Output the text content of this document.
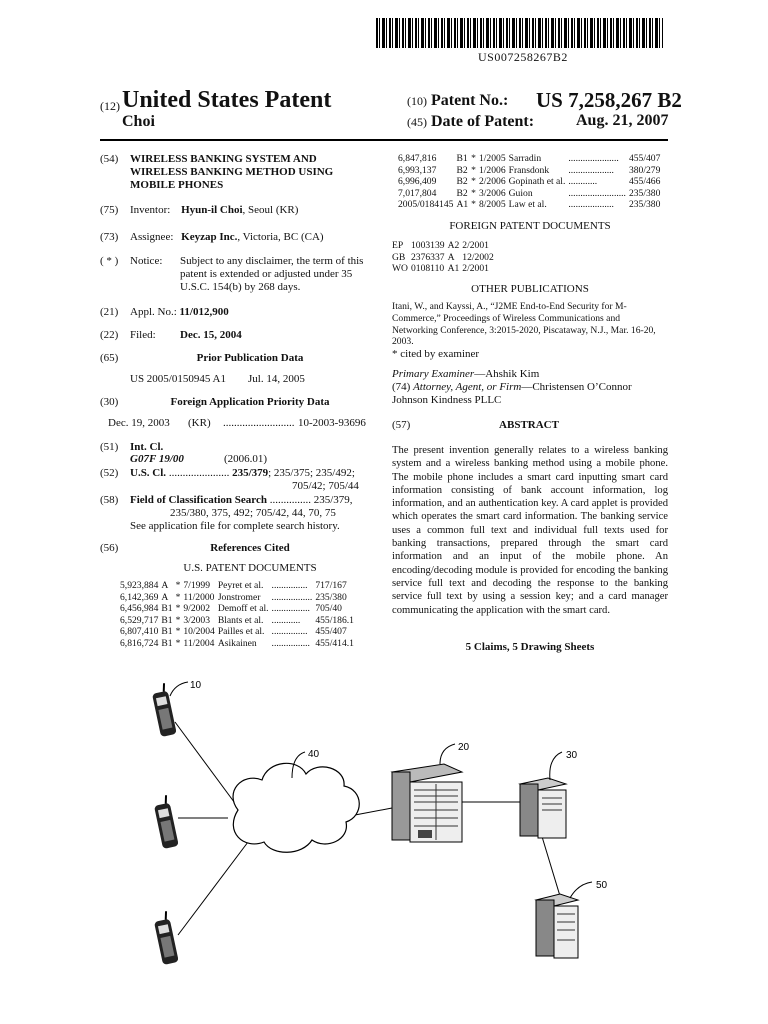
US007258267B2
(12) United States Patent
Choi
(10) Patent No.: US 7,258,267 B2
(45) Date of Patent:	Aug. 21, 2007
(54) WIRELESS BANKING SYSTEM AND WIRELESS BANKING METHOD USING MOBILE PHONES
(75) Inventor: Hyun-il Choi, Seoul (KR)
(73) Assignee: Keyzap Inc., Victoria, BC (CA)
( * ) Notice: Subject to any disclaimer, the term of this patent is extended or adjusted under 35 U.S.C. 154(b) by 268 days.
(21) Appl. No.: 11/012,900
(22) Filed: Dec. 15, 2004
(65)	Prior Publication Data
US 2005/0150945 A1 Jul. 14, 2005
(30)	Foreign Application Priority Data
Dec. 19, 2003 (KR) .......................... 10-2003-93696
(51) Int. Cl.
G07F 19/00	(2006.01)
(52) U.S. Cl. ...................... 235/379; 235/375; 235/492;
705/42; 705/44
(58) Field of Classification Search ............... 235/379,
235/380, 375, 492; 705/42, 44, 70, 75
See application file for complete search history.
(56)	References Cited
U.S. PATENT DOCUMENTS
5,923,884	A	*	7/1999	Peyret et al.	...............	717/167
6,142,369	A	*	11/2000	Jonstromer	.................	235/380
6,456,984	B1	*	9/2002	Demoff et al.	................	705/40
6,529,717	B1	*	3/2003	Blants et al.	............	455/186.1
6,807,410	B1	*	10/2004	Pailles et al.	...............	455/407
6,816,724	B1	*	11/2004	Asikainen	................	455/414.1
6,847,816	B1	*	1/2005	Sarradin	.....................	455/407
6,993,137	B2	*	1/2006	Fransdonk	...................	380/279
6,996,409	B2	*	2/2006	Gopinath et al.	............	455/466
7,017,804	B2	*	3/2006	Guion	........................	235/380
2005/0184145	A1	*	8/2005	Law et al.	...................	235/380
FOREIGN PATENT DOCUMENTS
EP	1003139	A2	2/2001
GB	2376337	A	12/2002
WO	0108110	A1	2/2001
OTHER PUBLICATIONS
Itani, W., and Kayssi, A., “J2ME End-to-End Security for M-Commerce,” Proceedings of Wireless Communications and Networking Conference, 3:2015-2020, Piscataway, N.J., Mar. 16-20, 2003.
* cited by examiner
Primary Examiner—Ahshik Kim
(74) Attorney, Agent, or Firm—Christensen O’Connor Johnson Kindness PLLC
(57)	ABSTRACT
The present invention generally relates to a wireless banking system and a wireless banking method using a mobile phone. The mobile phone includes a smart card inputting smart card information consisting of bank account information, log information, and an authentication key. A card applet is provided which operates the smart card information. The banking service uses a common full text and individual full texts used for banking transactions, prepared through the smart card information and an input of the mobile phone. An encoding/decoding module is provided for encoding the banking service full text and decoding the response to the banking service full text by using a session key; and a card manager communicating the application with the smart card.
5 Claims, 5 Drawing Sheets
10
40
20
30
50
